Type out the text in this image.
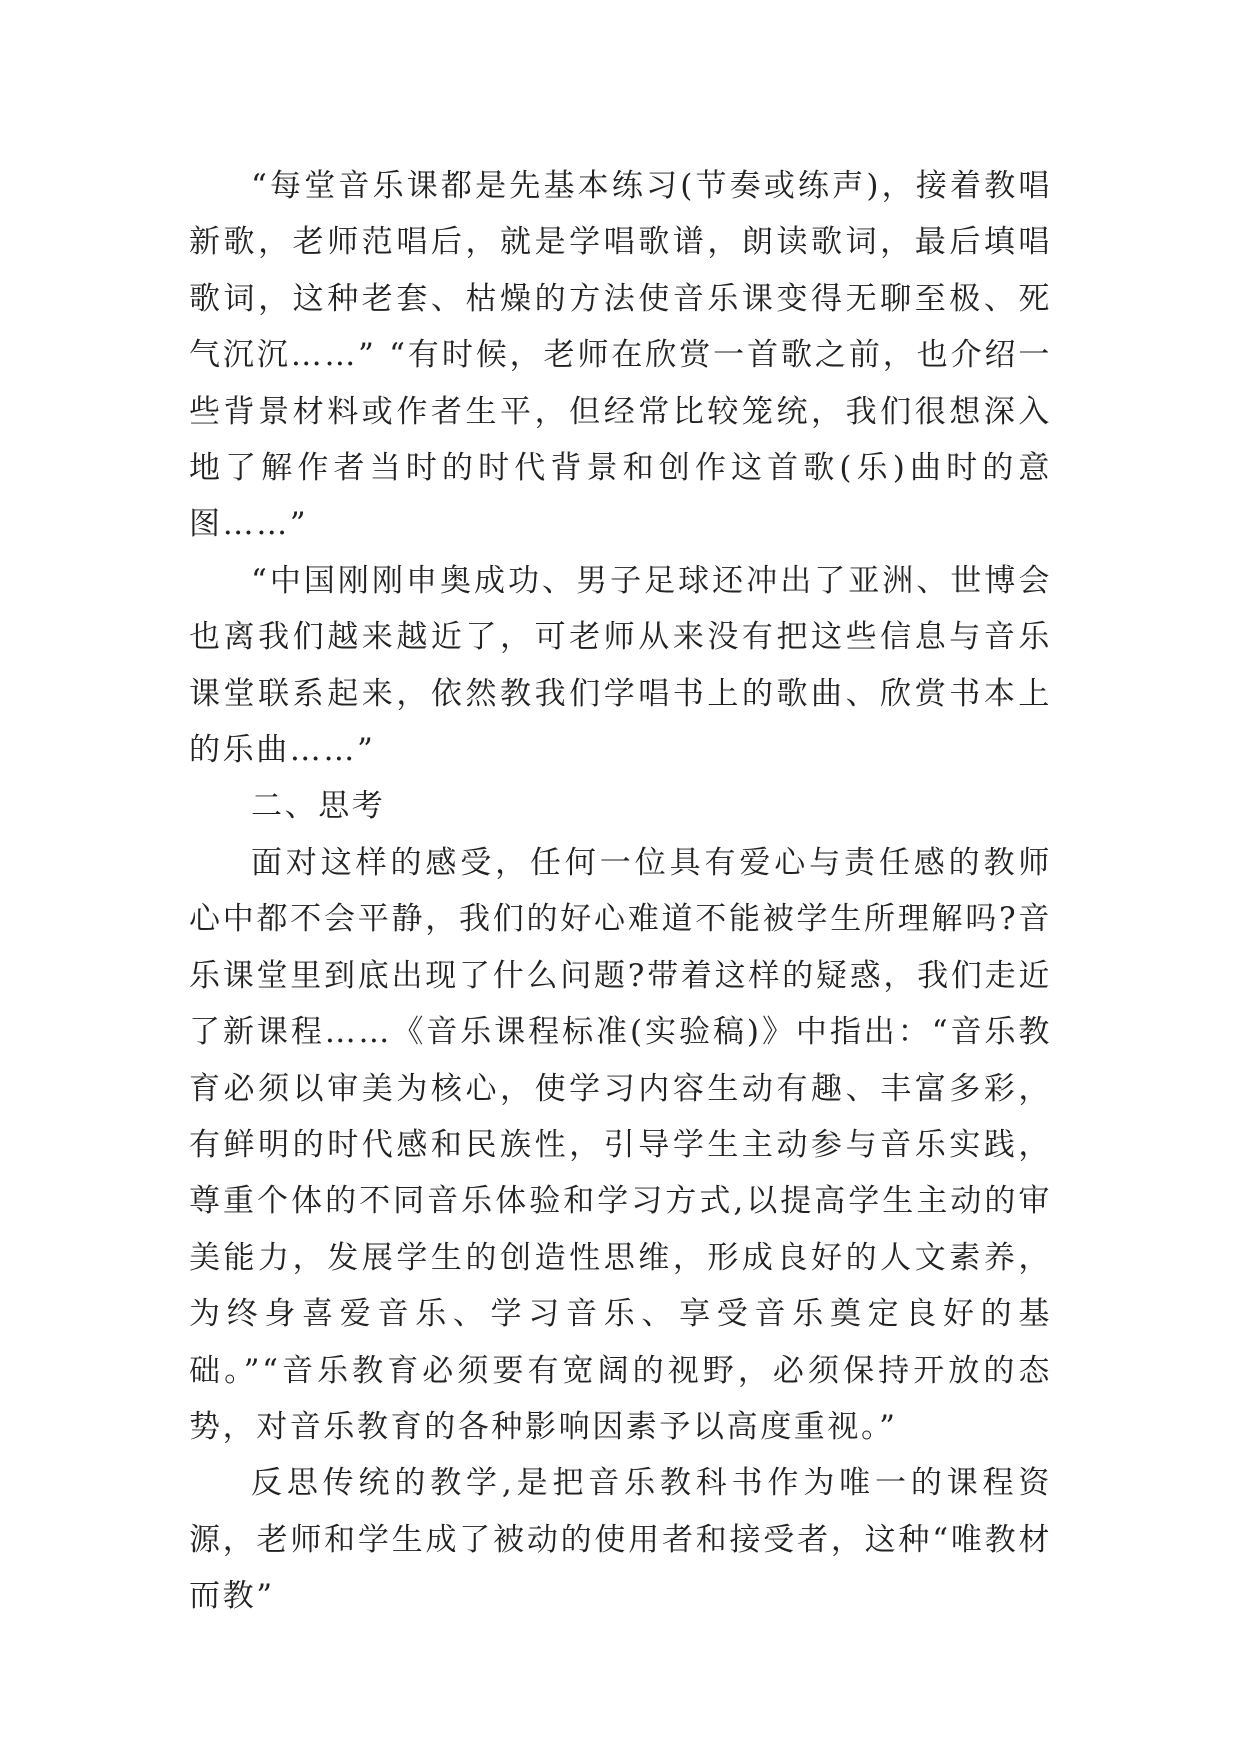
“每堂音乐课都是先基本练习(节奏或练声)，接着教唱新歌，老师范唱后，就是学唱歌谱，朗读歌词，最后填唱歌词，这种老套、枯燥的方法使音乐课变得无聊至极、死气沉沉……” “有时候，老师在欣赏一首歌之前，也介绍一些背景材料或作者生平，但经常比较笼统，我们很想深入地了解作者当时的时代背景和创作这首歌(乐)曲时的意图……”

“中国刚刚申奥成功、男子足球还冲出了亚洲、世博会也离我们越来越近了，可老师从来没有把这些信息与音乐课堂联系起来，依然教我们学唱书上的歌曲、欣赏书本上的乐曲……”

二、思考

面对这样的感受，任何一位具有爱心与责任感的教师心中都不会平静，我们的好心难道不能被学生所理解吗?音乐课堂里到底出现了什么问题?带着这样的疑惑，我们走近了新课程……《音乐课程标准(实验稿)》中指出：“音乐教育必须以审美为核心，使学习内容生动有趣、丰富多彩，有鲜明的时代感和民族性，引导学生主动参与音乐实践，尊重个体的不同音乐体验和学习方式,以提高学生主动的审美能力，发展学生的创造性思维，形成良好的人文素养，为终身喜爱音乐、学习音乐、享受音乐奠定良好的基础。”“音乐教育必须要有宽阔的视野，必须保持开放的态势，对音乐教育的各种影响因素予以高度重视。”

反思传统的教学,是把音乐教科书作为唯一的课程资源，老师和学生成了被动的使用者和接受者，这种“唯教材而教”
